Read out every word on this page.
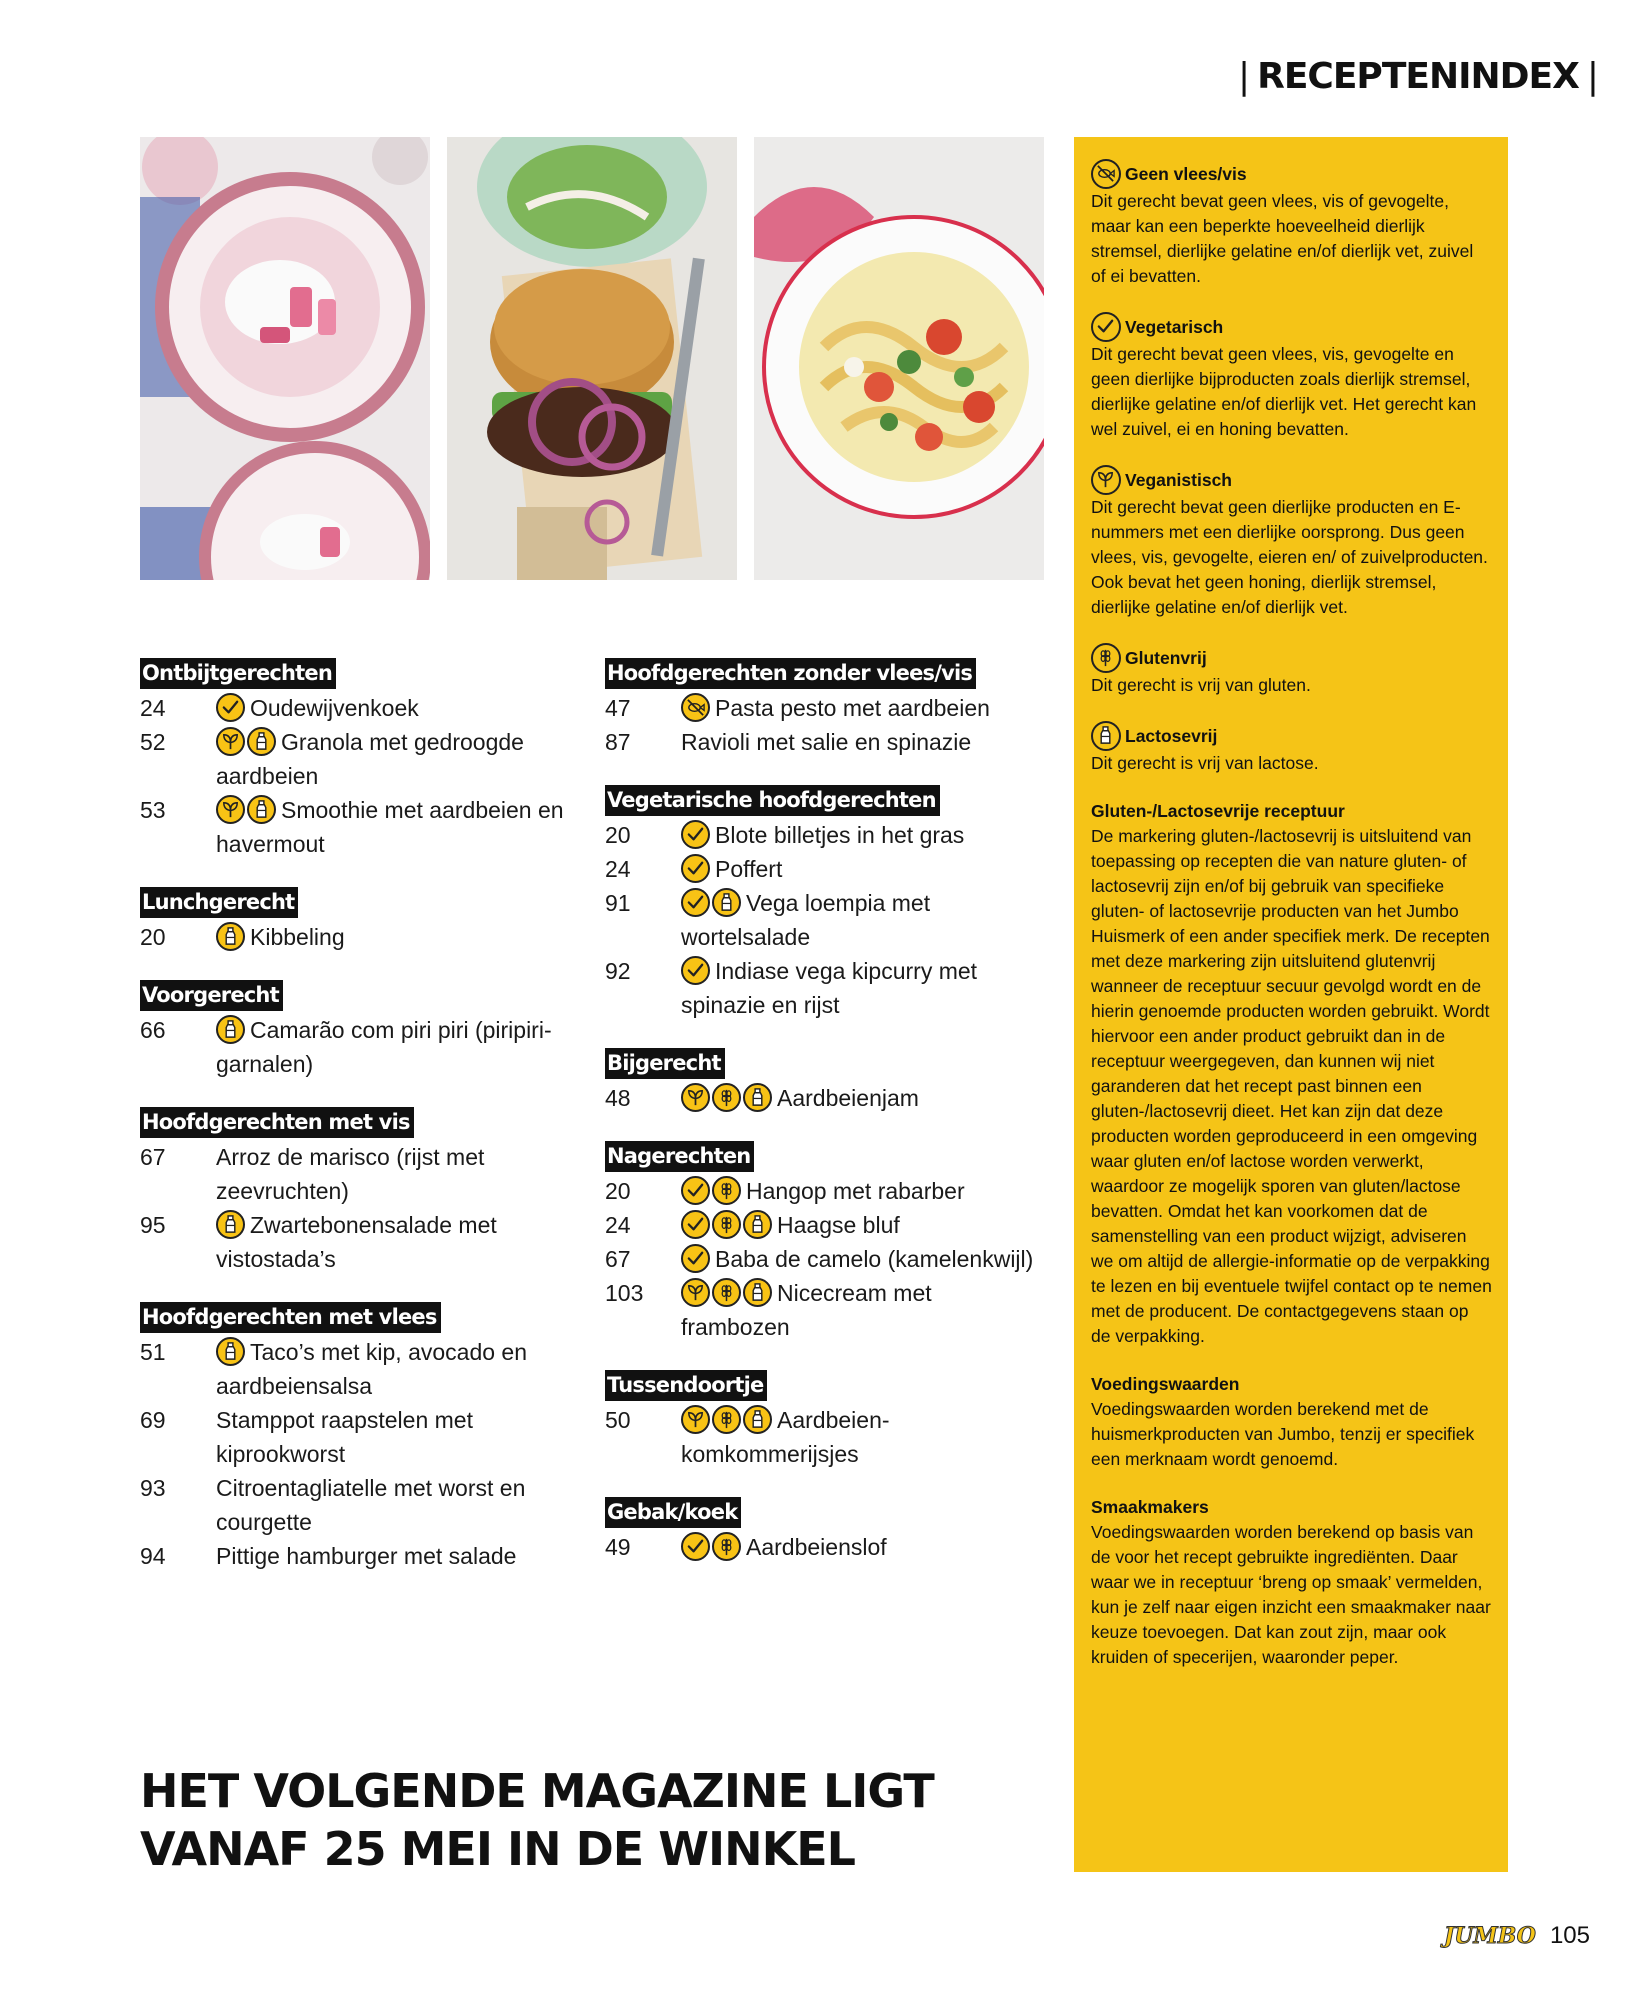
| RECEPTENINDEX |
Ontbijtgerechten
24	Oudewijvenkoek
52	Granola met gedroogde aardbeien
53	Smoothie met aardbeien en havermout
Lunchgerecht
20	Kibbeling
Voorgerecht
66	Camarão com piri piri (piripiri-garnalen)
Hoofdgerechten met vis
67	Arroz de marisco (rijst met zeevruchten)
95	Zwartebonensalade met vistostada’s
Hoofdgerechten met vlees
51	Taco’s met kip, avocado en aardbeiensalsa
69	Stamppot raapstelen met kiprookworst
93	Citroentagliatelle met worst en courgette
94	Pittige hamburger met salade
Hoofdgerechten zonder vlees/vis
47	Pasta pesto met aardbeien
87	Ravioli met salie en spinazie
Vegetarische hoofdgerechten
20	Blote billetjes in het gras
24	Poffert
91	Vega loempia met wortelsalade
92	Indiase vega kipcurry met spinazie en rijst
Bijgerecht
48	Aardbeienjam
Nagerechten
20	Hangop met rabarber
24	Haagse bluf
67	Baba de camelo (kamelenkwijl)
103	Nicecream met frambozen
Tussendoortje
50	Aardbeien-komkommerijsjes
Gebak/koek
49	Aardbeienslof
HET VOLGENDE MAGAZINE LIGT
VANAF 25 MEI IN DE WINKEL
Geen vlees/vis
Dit gerecht bevat geen vlees, vis of gevogelte, maar kan een beperkte hoeveelheid dierlijk stremsel, dierlijke gelatine en/of dierlijk vet, zuivel of ei bevatten.
Vegetarisch
Dit gerecht bevat geen vlees, vis, gevogelte en geen dierlijke bijproducten zoals dierlijk stremsel, dierlijke gelatine en/of dierlijk vet. Het gerecht kan wel zuivel, ei en honing bevatten.
Veganistisch
Dit gerecht bevat geen dierlijke producten en E-nummers met een dierlijke oorsprong. Dus geen vlees, vis, gevogelte, eieren en/ of zuivelproducten. Ook bevat het geen honing, dierlijk stremsel, dierlijke gelatine en/of dierlijk vet.
Glutenvrij
Dit gerecht is vrij van gluten.
Lactosevrij
Dit gerecht is vrij van lactose.
Gluten-/Lactosevrije receptuur
De markering gluten-/lactosevrij is uitsluitend van toepassing op recepten die van nature gluten- of lactosevrij zijn en/of bij gebruik van specifieke gluten- of lactosevrije producten van het Jumbo Huismerk of een ander specifiek merk. De recepten met deze markering zijn uitsluitend glutenvrij wanneer de receptuur secuur gevolgd wordt en de hierin genoemde producten worden gebruikt. Wordt hiervoor een ander product gebruikt dan in de receptuur weergegeven, dan kunnen wij niet garanderen dat het recept past binnen een gluten-/lactosevrij dieet. Het kan zijn dat deze producten worden geproduceerd in een omgeving waar gluten en/of lactose worden verwerkt, waardoor ze mogelijk sporen van gluten/lactose bevatten. Omdat het kan voorkomen dat de samenstelling van een product wijzigt, adviseren we om altijd de allergie-informatie op de verpakking te lezen en bij eventuele twijfel contact op te nemen met de producent. De contactgegevens staan op de verpakking.
Voedingswaarden
Voedingswaarden worden berekend met de huismerkproducten van Jumbo, tenzij er specifiek een merknaam wordt genoemd.
Smaakmakers
Voedingswaarden worden berekend op basis van de voor het recept gebruikte ingrediënten. Daar waar we in receptuur ‘breng op smaak’ vermelden, kun je zelf naar eigen inzicht een smaakmaker naar keuze toevoegen. Dat kan zout zijn, maar ook kruiden of specerijen, waaronder peper.
JUMBO 105
